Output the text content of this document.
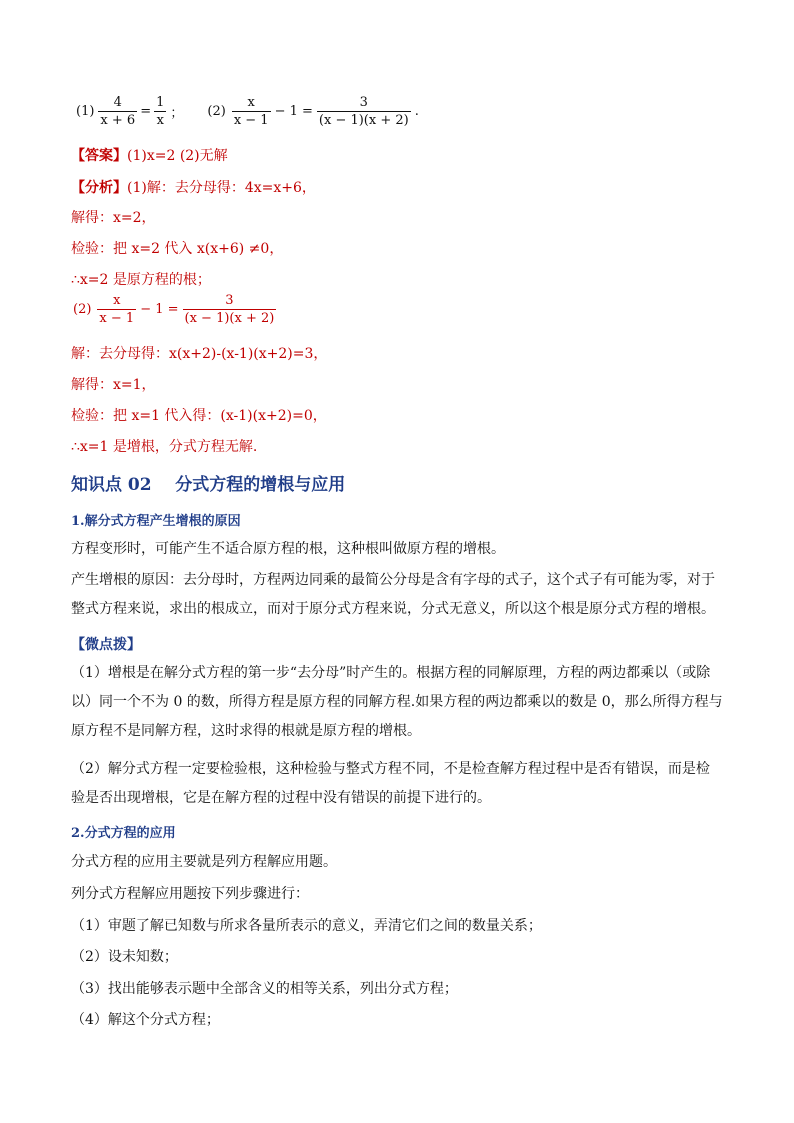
$(1) \frac{4}{x + 6} = \frac{1}{x}$ ； $(2) \frac{x}{x - 1} - 1 = \frac{3}{(x - 1)(x + 2)}$ .
【答案】(1)x=2 (2)无解
【分析】(1)解：去分母得：4x=x+6，
解得：x=2，
检验：把 x=2 代入 x(x+6) ≠0，
∴x=2 是原方程的根；
$(2) \frac{x}{x - 1} - 1 = \frac{3}{(x - 1)(x + 2)}$
解：去分母得：x(x+2)-(x-1)(x+2)=3，
解得：x=1，
检验：把 x=1 代入得：(x-1)(x+2)=0，
∴x=1 是增根，分式方程无解.
知识点 02    分式方程的增根与应用
1.解分式方程产生增根的原因
方程变形时，可能产生不适合原方程的根，这种根叫做原方程的增根。
产生增根的原因：去分母时，方程两边同乘的最简公分母是含有字母的式子，这个式子有可能为零，对于整式方程来说，求出的根成立，而对于原分式方程来说，分式无意义，所以这个根是原分式方程的增根。
【微点拨】
（1）增根是在解分式方程的第一步“去分母”时产生的。根据方程的同解原理，方程的两边都乘以（或除以）同一个不为 0 的数，所得方程是原方程的同解方程.如果方程的两边都乘以的数是 0，那么所得方程与原方程不是同解方程，这时求得的根就是原方程的增根。
（2）解分式方程一定要检验根，这种检验与整式方程不同，不是检查解方程过程中是否有错误，而是检验是否出现增根，它是在解方程的过程中没有错误的前提下进行的。
2.分式方程的应用
分式方程的应用主要就是列方程解应用题。
列分式方程解应用题按下列步骤进行：
（1）审题了解已知数与所求各量所表示的意义，弄清它们之间的数量关系；
（2）设未知数；
（3）找出能够表示题中全部含义的相等关系，列出分式方程；
（4）解这个分式方程；
